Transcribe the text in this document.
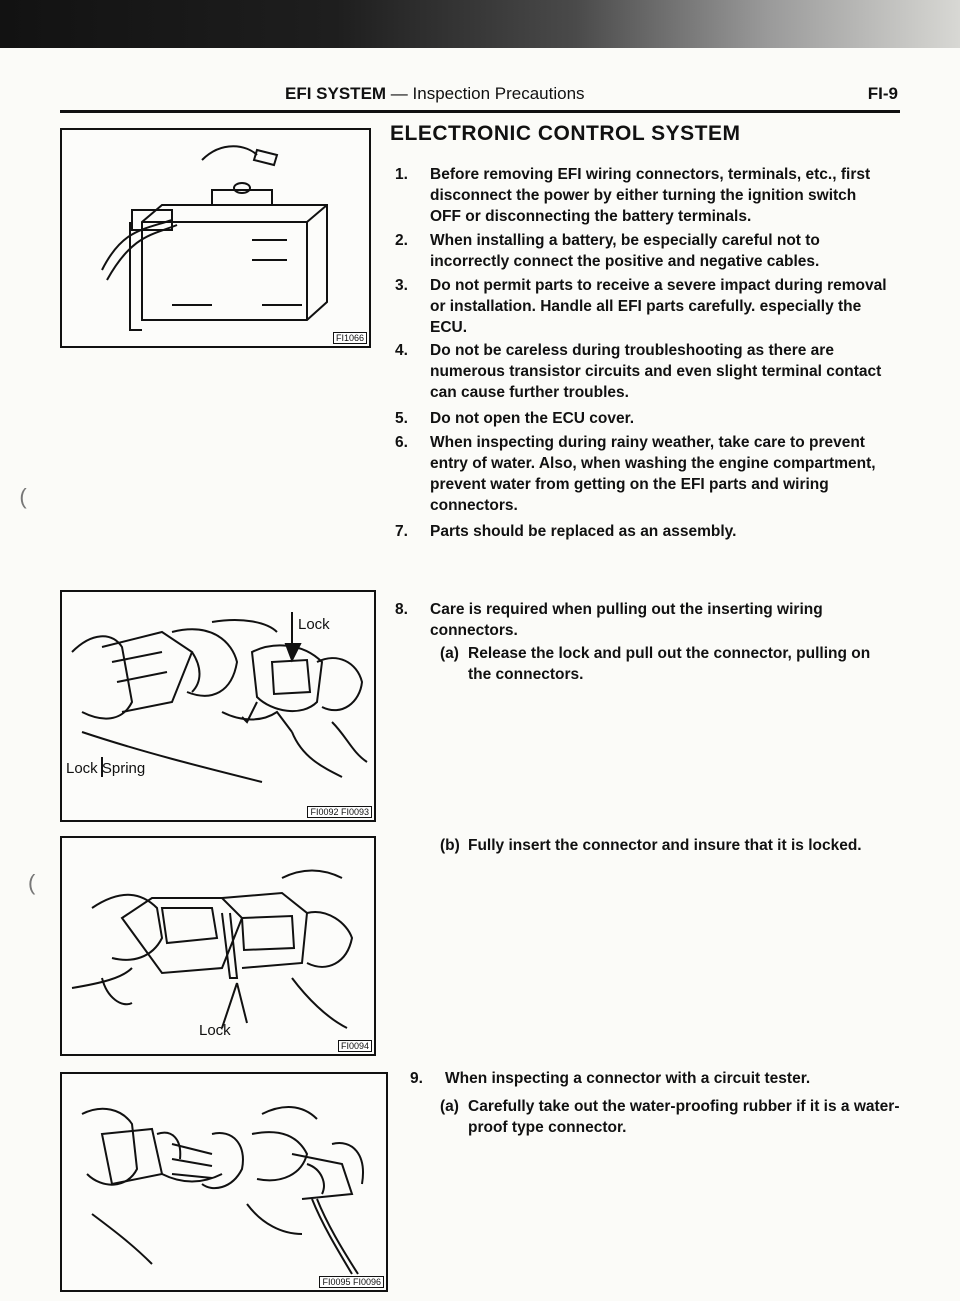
EFI SYSTEM — Inspection Precautions	FI-9
FI1066
ELECTRONIC CONTROL SYSTEM
1. Before removing EFI wiring connectors, terminals, etc., first disconnect the power by either turning the ignition switch OFF or disconnecting the battery terminals.
2. When installing a battery, be especially careful not to incorrectly connect the positive and negative cables.
3. Do not permit parts to receive a severe impact during removal or installation. Handle all EFI parts carefully. especially the ECU.
4. Do not be careless during troubleshooting as there are numerous transistor circuits and even slight terminal contact can cause further troubles.
5. Do not open the ECU cover.
6. When inspecting during rainy weather, take care to prevent entry of water. Also, when washing the engine compartment, prevent water from getting on the EFI parts and wiring connectors.
7. Parts should be replaced as an assembly.
 (
Lock
Lock Spring
FI0092 FI0093
8. Care is required when pulling out the inserting wiring connectors.
(a) Release the lock and pull out the connector, pulling on the connectors.
Lock
FI0094
(
(b) Fully insert the connector and insure that it is locked.
FI0095 FI0096
9. When inspecting a connector with a circuit tester.
(a) Carefully take out the water-proofing rubber if it is a water-proof type connector.
